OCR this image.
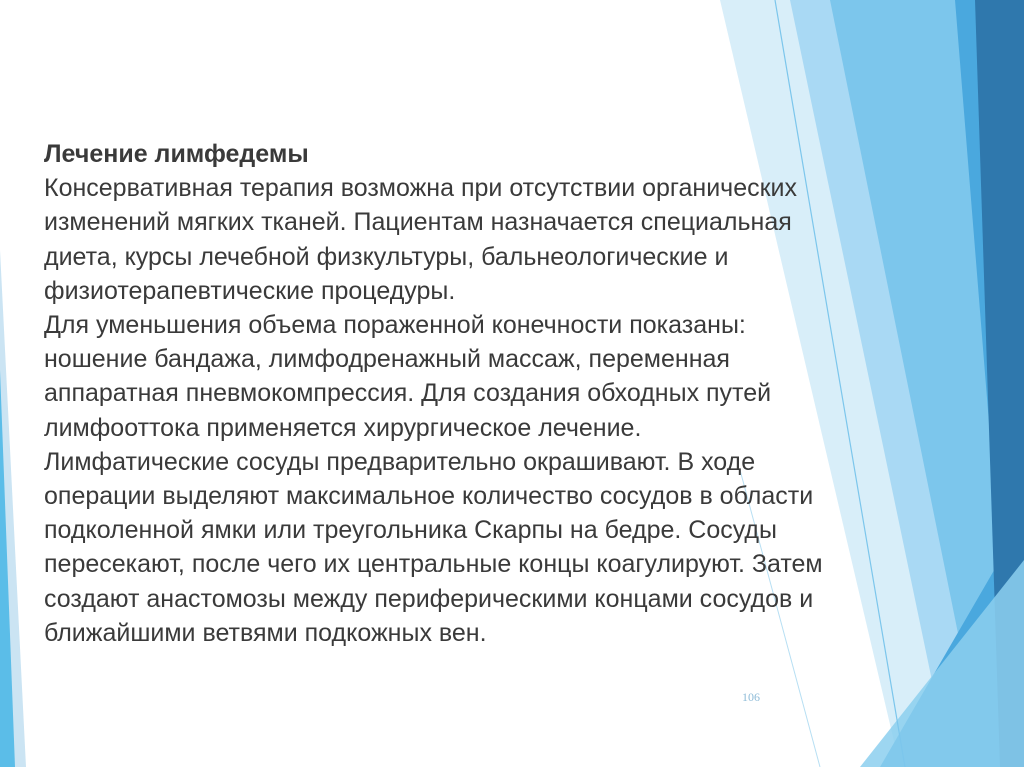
Лечение лимфедемы
Консервативная терапия возможна при отсутствии органических
изменений мягких тканей. Пациентам назначается специальная
диета, курсы лечебной физкультуры, бальнеологические и
физиотерапевтические процедуры.
Для уменьшения объема пораженной конечности показаны:
ношение бандажа, лимфодренажный массаж, переменная
аппаратная пневмокомпрессия. Для создания обходных путей
лимфооттока применяется хирургическое лечение.
Лимфатические сосуды предварительно окрашивают. В ходе
операции выделяют максимальное количество сосудов в области
подколенной ямки или треугольника Скарпы на бедре. Сосуды
пересекают, после чего их центральные концы коагулируют. Затем
создают анастомозы между периферическими концами сосудов и
ближайшими ветвями подкожных вен.
106
